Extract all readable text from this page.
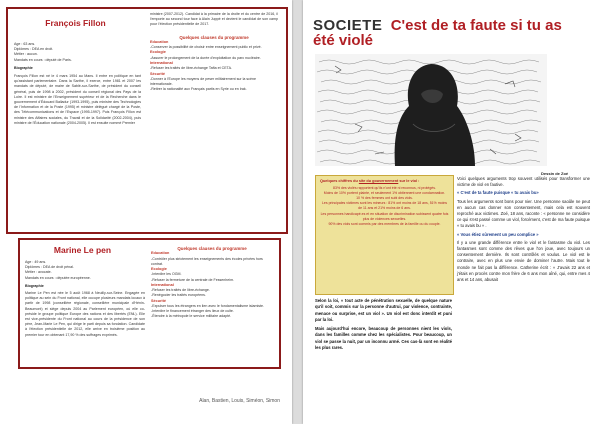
François Fillon

Age : 63 ans.

Diplômes : DEA en droit.

Métier : aucun.

Mandats en cours : député de Paris.

Biographie

François Fillon est né le 4 mars 1954 au Mans. Il entre en politique en tant qu'assistant parlementaire. Dans la Sarthe, il exerce, entre 1981 et 2007 les mandats de député, de maire de Sablé-sur-Sarthe, de président du conseil général, puis de 1998 à 2002, président du conseil régional des Pays de la Loire. Il est ministre de l'Enseignement supérieur et de la Recherche dans le gouvernement d'Édouard Balladur (1993-1995), puis ministre des Technologies de l'Information et de la Poste (1995) et ministre délégué chargé de la Poste, des Télécommunications et de l'Espace (1995-1997). Puis François Fillon est ministre des Affaires sociales, du Travail et de la Solidarité (2002-2004), puis ministre de l'Éducation nationale (2004-2005). Il est ensuite nommé Premier

ministre (2007-2012). Candidat à la primaire de la droite et du centre de 2016, il l'emporte au second tour face à Alain Juppé et devient le candidat de son camp pour l'élection présidentielle de 2017.

Quelques clauses du programme

Education

-Conserver la possibilité de choisir entre enseignement public et privé.

Ecologie

-Assurer le prolongement de la durée d'exploitation du parc nucléaire.

International

-Refuser les traités de libre-échange Tafta et CETA.

Sécurité

-Donner à l'Europe les moyens de peser militairement sur la scène internationale.

-Retirer la nationalité aux Français partis en Syrie ou en Irak.

Marine Le pen

Age : 49 ans.

Diplômes : DEA de droit pénal.

Métier : avocate.

Mandats en cours : députée européenne.

Biographie

Marine Le Pen est née le 5 août 1968 à Neuilly-sur-Seine. Engagée en politique au sein du Front national, elle occupe plusieurs mandats locaux à partir de 1998 (conseillère régionale, conseillère municipale d'Hénin-Beaumont) et siège depuis 2004 au Parlement européen, où elle co-préside le groupe politique Europe des nations et des libertés (ENL). Elle est vice-présidente du Front national au cours de la présidence de son père, Jean-Marie Le Pen, qui dirige le parti depuis sa fondation. Candidate à l'élection présidentielle de 2012, elle arrive en troisième position au premier tour en obtenant 17,90 % des suffrages exprimés.

Quelques clauses du programme

Education

-Contrôler plus strictement les enseignements des écoles privées hors contrat.

Ecologie

-Interdire les OGM.

-Refuser la fermeture de la centrale de Fessenheim.

International

-Refuser les traités de libre-échange.

-Renégocier les traités européens.

Sécurité

-Expulser tous les étrangers en lien avec le fondamentalisme islamiste.

-Interdire le financement étranger des lieux de culte.

-Étendre à la métropole le service militaire adapté.

Alan, Bastien, Louis, Siméon, Simon
SOCIETE C'est de ta faute si tu as été violé
Dessin de Zoé

Quelques chiffres du site du gouvernement sur le viol :

83% des violés rapportent qu'ils n'ont été ni reconnus, ni protégés.

Moins de 10% portent plainte, et seulement 1% obtiennent une condamnation.

10 % des femmes ont subi des viols.

Les principales victimes sont les mineurs : 81% ont moins de 18 ans, 51% moins de 11 ans et 21% moins de 6 ans.

Les personnes handicapé.es et en situation de discrimination subissent quatre fois plus de violences sexuelles.

90% des viols sont commis par des membres de la famille ou du couple.

Selon la loi, « tout acte de pénétration sexuelle, de quelque nature qu'il soit, commis sur la personne d'autrui, par violence, contrainte, menace ou surprise, est un viol ». Un viol est donc interdit et puni par la loi.

Mais aujourd'hui encore, beaucoup de personnes nient les viols, dans les familles comme chez les spécialistes. Pour beaucoup, un viol se passe la nuit, par un inconnu armé. Ces cas-là sont en réalité les plus rares.

Voici quelques arguments trop souvent utilisés pour transformer une victime de viol en fautive.

« C'est de ta faute puisque « tu avais bu»

Tous les arguments sont bons pour nier. Une personne saoûle ne peut en aucun cas donner son consentement, mais cela est souvent reproché aux victimes. Zoé, 18 ans, raconte : « personne ne considère ce qui s'est passé comme un viol, forcément, c'est de ma faute puisque « tu avais bu » .

« Vous étiez sûrement un peu complice »

Il y a une grande différence entre le viol et le fantasme du viol. Les fantasmes sont comme des rêves que l'on joue, avec toujours un consentement dernière. Ils sont contrôlés et voulus. Le viol est le contraire, avec en plus une envie de dominer l'autre. Mais tout le monde ne fait pas la différence. Catherine écrit : « J'avais 22 ans et j'étais en procès contre mon frère de 6 ans mon aîné, qui, entre mes 4 ans et 14 ans, abusait
